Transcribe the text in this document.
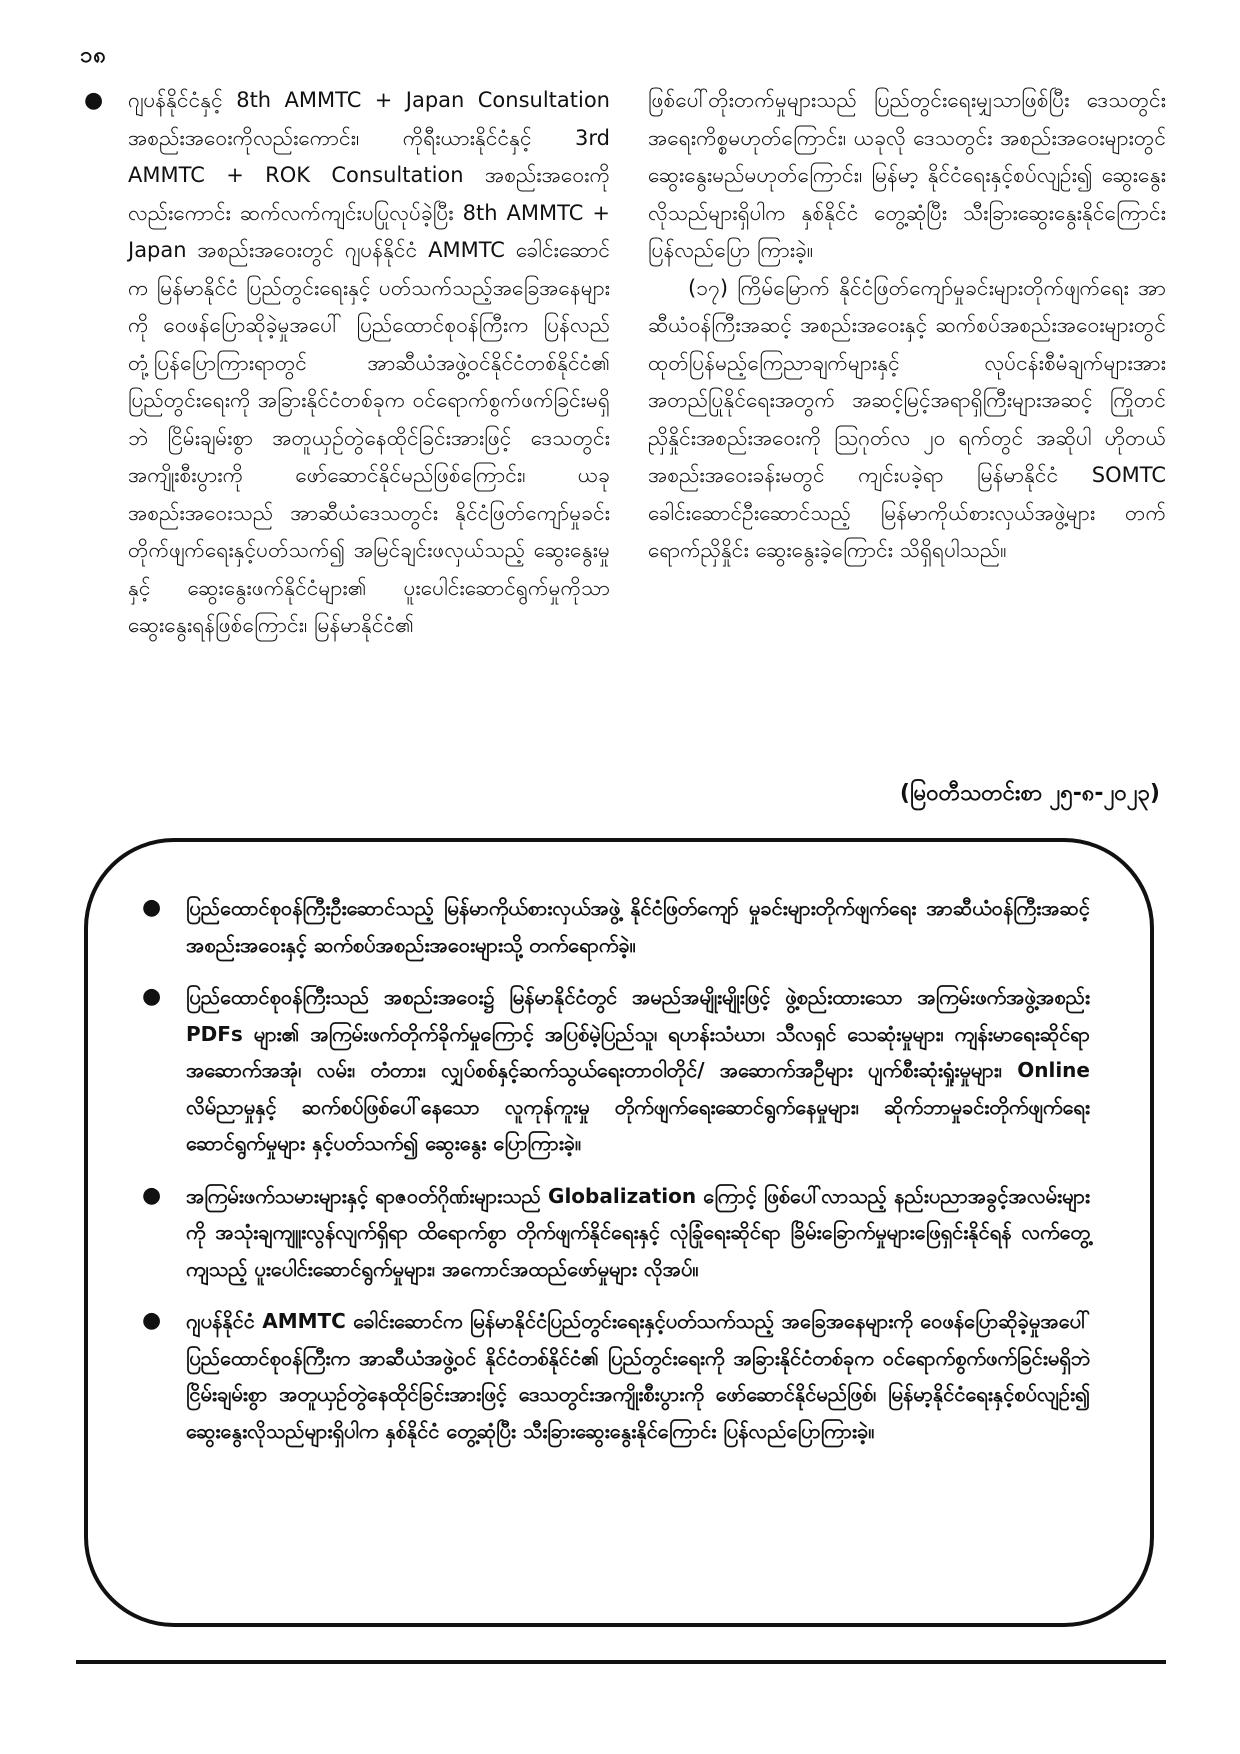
၁၈
● ဂျပန်နိုင်ငံနှင့် 8th AMMTC + Japan Consultation အစည်းအဝေးကိုလည်းကောင်း၊ ကိုရီးယားနိုင်ငံနှင့် 3rd AMMTC + ROK Consultation အစည်းအဝေးကိုလည်းကောင်း ဆက်လက်ကျင်းပပြုလုပ်ခဲ့ပြီး 8th AMMTC + Japan အစည်းအဝေးတွင် ဂျပန်နိုင်ငံ AMMTC ခေါင်းဆောင်က မြန်မာနိုင်ငံ ပြည်တွင်းရေးနှင့် ပတ်သက်သည့်အခြေအနေများကို ဝေဖန်ပြောဆိုခဲ့မှုအပေါ် ပြည်ထောင်စုဝန်ကြီးက ပြန်လည်တုံ့ပြန်ပြောကြားရာတွင် အာဆီယံအဖွဲ့ဝင်နိုင်ငံတစ်နိုင်ငံ၏ ပြည်တွင်းရေးကို အခြားနိုင်ငံတစ်ခုက ဝင်ရောက်စွက်ဖက်ခြင်းမရှိဘဲ ငြိမ်းချမ်းစွာ အတူယှဉ်တွဲနေထိုင်ခြင်းအားဖြင့် ဒေသတွင်းအကျိုးစီးပွားကို ဖော်ဆောင်နိုင်မည်ဖြစ်ကြောင်း၊ ယခုအစည်းအဝေးသည် အာဆီယံဒေသတွင်း နိုင်ငံဖြတ်ကျော်မှုခင်းတိုက်ဖျက်ရေးနှင့်ပတ်သက်၍ အမြင်ချင်းဖလှယ်သည့် ဆွေးနွေးမှုနှင့် ဆွေးနွေးဖက်နိုင်ငံများ၏ ပူးပေါင်းဆောင်ရွက်မှုကိုသာ ဆွေးနွေးရန်ဖြစ်ကြောင်း၊ မြန်မာနိုင်ငံ၏

ဖြစ်ပေါ်တိုးတက်မှုများသည် ပြည်တွင်းရေးမျှသာဖြစ်ပြီး ဒေသတွင်းအရေးကိစ္စမဟုတ်ကြောင်း၊ ယခုလို ဒေသတွင်း အစည်းအဝေးများတွင် ဆွေးနွေးမည်မဟုတ်ကြောင်း၊ မြန်မာ့ နိုင်ငံရေးနှင့်စပ်လျဉ်း၍ ဆွေးနွေးလိုသည်များရှိပါက နှစ်နိုင်ငံ တွေ့ဆုံပြီး သီးခြားဆွေးနွေးနိုင်ကြောင်း ပြန်လည်ပြော ကြားခဲ့။

(၁၇) ကြိမ်မြောက် နိုင်ငံဖြတ်ကျော်မှုခင်းများတိုက်ဖျက်ရေး အာဆီယံဝန်ကြီးအဆင့် အစည်းအဝေးနှင့် ဆက်စပ်အစည်းအဝေးများတွင် ထုတ်ပြန်မည့်ကြေညာချက်များနှင့် လုပ်ငန်းစီမံချက်များအား အတည်ပြုနိုင်ရေးအတွက် အဆင့်မြင့်အရာရှိကြီးများအဆင့် ကြိုတင်ညှိနှိုင်းအစည်းအဝေးကို ဩဂုတ်လ ၂၀ ရက်တွင် အဆိုပါ ဟိုတယ် အစည်းအဝေးခန်းမတွင် ကျင်းပခဲ့ရာ မြန်မာနိုင်ငံ SOMTC ခေါင်းဆောင်ဦးဆောင်သည့် မြန်မာကိုယ်စားလှယ်အဖွဲ့များ တက်ရောက်ညှိနှိုင်း ဆွေးနွေးခဲ့ကြောင်း သိရှိရပါသည်။

(မြဝတီသတင်းစာ ၂၅-၈-၂၀၂၃)
● ပြည်ထောင်စုဝန်ကြီးဦးဆောင်သည့် မြန်မာကိုယ်စားလှယ်အဖွဲ့ နိုင်ငံဖြတ်ကျော် မှုခင်းများတိုက်ဖျက်ရေး အာဆီယံဝန်ကြီးအဆင့်အစည်းအဝေးနှင့် ဆက်စပ်အစည်းအဝေးများသို့ တက်ရောက်ခဲ့။
● ပြည်ထောင်စုဝန်ကြီးသည် အစည်းအဝေး၌ မြန်မာနိုင်ငံတွင် အမည်အမျိုးမျိုးဖြင့် ဖွဲ့စည်းထားသော အကြမ်းဖက်အဖွဲ့အစည်း PDFs များ၏ အကြမ်းဖက်တိုက်ခိုက်မှုကြောင့် အပြစ်မဲ့ပြည်သူ၊ ရဟန်းသံဃာ၊ သီလရှင် သေဆုံးမှုများ၊ ကျန်းမာရေးဆိုင်ရာ အဆောက်အအုံ၊ လမ်း၊ တံတား၊ လျှပ်စစ်နှင့်ဆက်သွယ်ရေးတာဝါတိုင်/ အဆောက်အဦများ ပျက်စီးဆုံးရှုံးမှုများ၊ Online လိမ်ညာမှုနှင့် ဆက်စပ်ဖြစ်ပေါ်နေသော လူကုန်ကူးမှု တိုက်ဖျက်ရေးဆောင်ရွက်နေမှုများ၊ ဆိုက်ဘာမှုခင်းတိုက်ဖျက်ရေးဆောင်ရွက်မှုများ နှင့်ပတ်သက်၍ ဆွေးနွေး ပြောကြားခဲ့။
● အကြမ်းဖက်သမားများနှင့် ရာဇဝတ်ဂိုဏ်းများသည် Globalization ကြောင့် ဖြစ်ပေါ်လာသည့် နည်းပညာအခွင့်အလမ်းများကို အသုံးချကျူးလွန်လျက်ရှိရာ ထိရောက်စွာ တိုက်ဖျက်နိုင်ရေးနှင့် လုံခြုံရေးဆိုင်ရာ ခြိမ်းခြောက်မှုများဖြေရှင်းနိုင်ရန် လက်တွေ့ကျသည့် ပူးပေါင်းဆောင်ရွက်မှုများ၊ အကောင်အထည်ဖော်မှုများ လိုအပ်။
● ဂျပန်နိုင်ငံ AMMTC ခေါင်းဆောင်က မြန်မာနိုင်ငံပြည်တွင်းရေးနှင့်ပတ်သက်သည့် အခြေအနေများကို ဝေဖန်ပြောဆိုခဲ့မှုအပေါ် ပြည်ထောင်စုဝန်ကြီးက အာဆီယံအဖွဲ့ဝင် နိုင်ငံတစ်နိုင်ငံ၏ ပြည်တွင်းရေးကို အခြားနိုင်ငံတစ်ခုက ဝင်ရောက်စွက်ဖက်ခြင်းမရှိဘဲ ငြိမ်းချမ်းစွာ အတူယှဉ်တွဲနေထိုင်ခြင်းအားဖြင့် ဒေသတွင်းအကျိုးစီးပွားကို ဖော်ဆောင်နိုင်မည်ဖြစ်၊ မြန်မာ့နိုင်ငံရေးနှင့်စပ်လျဉ်း၍ ဆွေးနွေးလိုသည်များရှိပါက နှစ်နိုင်ငံ တွေ့ဆုံပြီး သီးခြားဆွေးနွေးနိုင်ကြောင်း ပြန်လည်ပြောကြားခဲ့။
